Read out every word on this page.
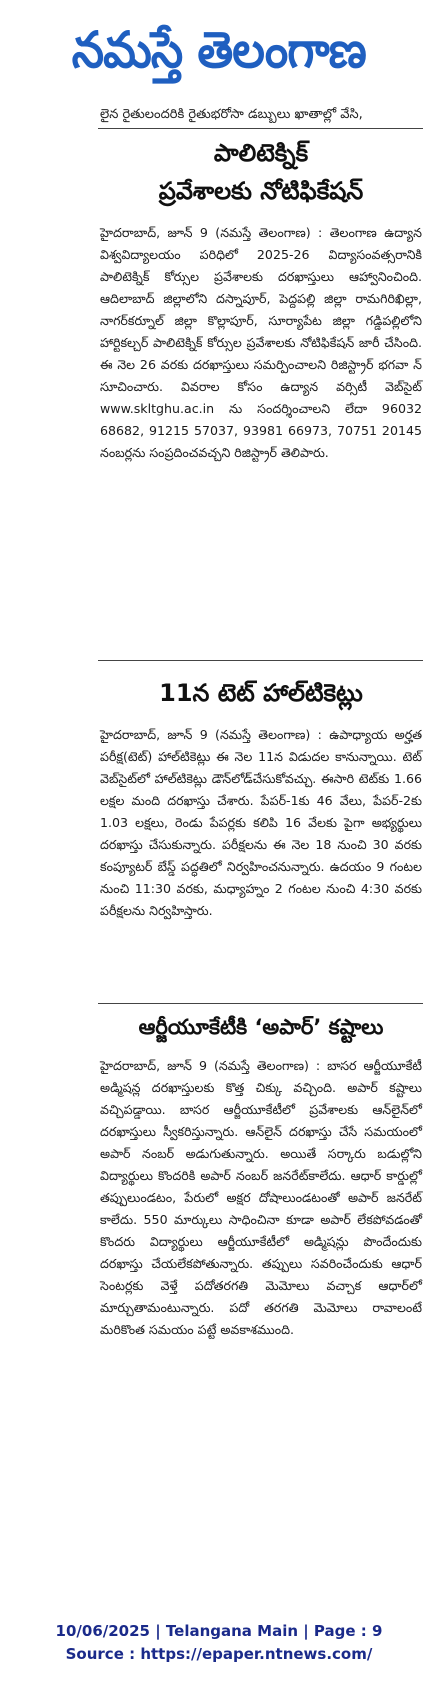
నమస్తే తెలంగాణ
లైన రైతులందరికి రైతుభరోసా డబ్బులు ఖాతాల్లో వేసి,
పాలిటెక్నిక్
ప్రవేశాలకు నోటిఫికేషన్
హైదరాబాద్, జూన్ 9 (నమస్తే తెలంగాణ) : తెలంగాణ ఉద్యాన విశ్వవిద్యాలయం పరిధిలో 2025-26 విద్యాసంవత్సరానికి పాలిటెక్నిక్ కోర్సుల ప్రవేశాలకు దరఖాస్తులు ఆహ్వానించింది. ఆదిలాబాద్ జిల్లాలోని దస్నాపూర్, పెద్దపల్లి జిల్లా రామగిరిఖిల్లా, నాగర్‌కర్నూల్ జిల్లా కొల్లాపూర్, సూర్యాపేట జిల్లా గడ్డిపల్లిలోని హార్టికల్చర్ పాలిటెక్నిక్ కోర్సుల ప్రవేశాలకు నోటిఫికేషన్ జారీ చేసింది. ఈ నెల 26 వరకు దరఖాస్తులు సమర్పించాలని రిజిస్ట్రార్ భగవా న్ సూచించారు. వివరాల కోసం ఉద్యాన వర్సిటీ వెబ్‌సైట్ www.skltghu.ac.in ను సందర్శించాలని లేదా 96032 68682, 91215 57037, 93981 66973, 70751 20145 నంబర్లను సంప్రదించవచ్చని రిజిస్ట్రార్ తెలిపారు.
11న టెట్ హాల్‌టికెట్లు
హైదరాబాద్, జూన్ 9 (నమస్తే తెలంగాణ) : ఉపాధ్యాయ అర్హత పరీక్ష(టెట్) హాల్‌టికెట్లు ఈ నెల 11న విడుదల కానున్నాయి. టెట్ వెబ్‌సైట్‌లో హాల్‌టికెట్లు డౌన్‌లోడ్‌చేసుకోవచ్చు. ఈసారి టెట్‌కు 1.66 లక్షల మంది దరఖాస్తు చేశారు. పేపర్-1కు 46 వేలు, పేపర్-2కు 1.03 లక్షలు, రెండు పేపర్లకు కలిపి 16 వేలకు పైగా అభ్యర్థులు దరఖాస్తు చేసుకున్నారు. పరీక్షలను ఈ నెల 18 నుంచి 30 వరకు కంప్యూటర్ బేస్డ్ పద్ధతిలో నిర్వహించనున్నారు. ఉదయం 9 గంటల నుంచి 11:30 వరకు, మధ్యాహ్నం 2 గంటల నుంచి 4:30 వరకు పరీక్షలను నిర్వహిస్తారు.
ఆర్జీయూకేటీకి ‘అపార్’ కష్టాలు
హైదరాబాద్, జూన్ 9 (నమస్తే తెలంగాణ) : బాసర ఆర్జీయూకేటీ అడ్మిషన్ల దరఖాస్తులకు కొత్త చిక్కు వచ్చింది. అపార్ కష్టాలు వచ్చిపడ్డాయి. బాసర ఆర్జీయూకేటీలో ప్రవేశాలకు ఆన్‌లైన్‌లో దరఖాస్తులు స్వీకరిస్తున్నారు. ఆన్‌లైన్ దరఖాస్తు చేసే సమయంలో అపార్ నంబర్ అడుగుతున్నారు. అయితే సర్కారు బడుల్లోని విద్యార్థులు కొందరికి అపార్ నంబర్ జనరేట్‌కాలేదు. ఆధార్ కార్డుల్లో తప్పులుండటం, పేరులో అక్షర దోషాలుండటంతో అపార్ జనరేట్ కాలేదు. 550 మార్కులు సాధించినా కూడా అపార్ లేకపోవడంతో కొందరు విద్యార్థులు ఆర్జీయూకేటీలో అడ్మిషన్లు పొందేందుకు దరఖాస్తు చేయలేకపోతున్నారు. తప్పులు సవరించేందుకు ఆధార్ సెంటర్లకు వెళ్తే పదోతరగతి మెమోలు వచ్చాక ఆధార్‌లో మార్చుతామంటున్నారు. పదో తరగతి మెమోలు రావాలంటే మరికొంత సమయం పట్టే అవకాశముంది.
10/06/2025 | Telangana Main | Page : 9
Source : https://epaper.ntnews.com/
